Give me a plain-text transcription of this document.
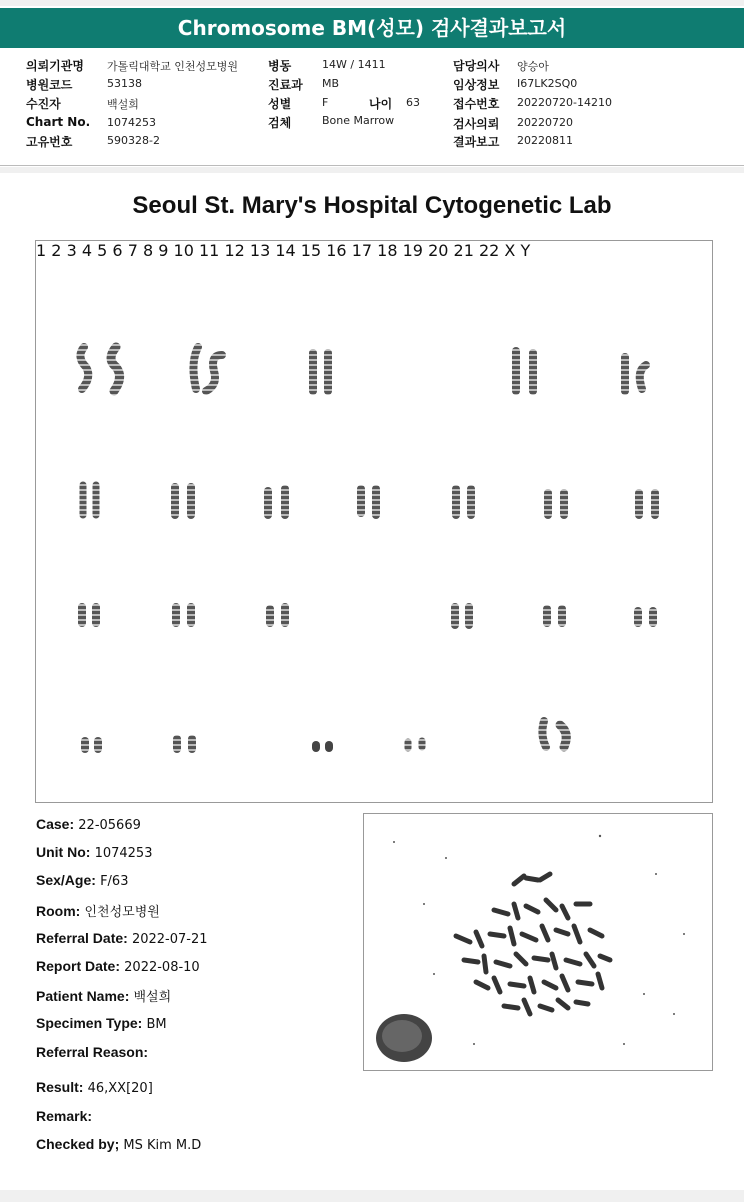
Chromosome BM(성모) 검사결과보고서
의뢰기관명 가톨릭대학교 인천성모병원
병원코드	53138
수진자	백설희
Chart No. 1074253
고유번호	590328-2
병동	14W / 1411
진료과 MB
성별	F	나이 63
검체	Bone Marrow
담당의사 양승아
임상정보 I67LK2SQ0
접수번호 20220720-14210
검사의뢰 20220720
결과보고 20220811
Seoul St. Mary's Hospital Cytogenetic Lab
1 2 3 4 5 6 7 8 9 10 11 12 13 14 15 16 17 18 19 20 21 22 X Y
Case: 22-05669
Unit No: 1074253
Sex/Age: F/63
Room: 인천성모병원
Referral Date: 2022-07-21
Report Date: 2022-08-10
Patient Name: 백설희
Specimen Type: BM
Referral Reason:
Result: 46,XX[20]
Remark:
Checked by; MS Kim M.D
